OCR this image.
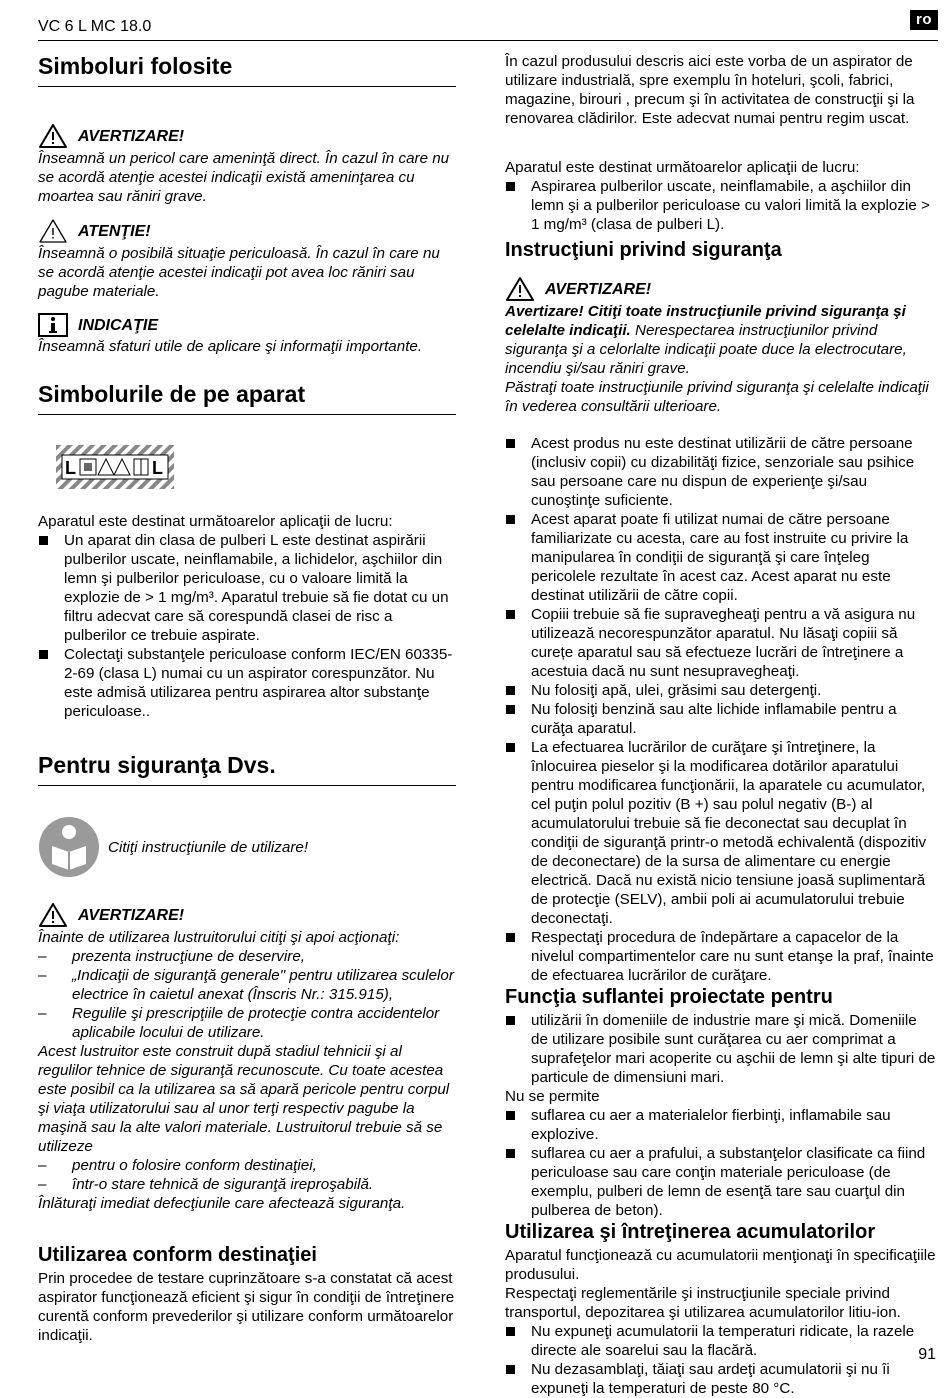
VC 6 L MC 18.0	ro
Simboluri folosite
AVERTIZARE!

Înseamnă un pericol care ameninţă direct. În cazul în care nu se acordă atenţie acestei indicaţii există ameninţarea cu moartea sau răniri grave.

ATENŢIE!

Înseamnă o posibilă situaţie periculoasă. În cazul în care nu se acordă atenţie acestei indicaţii pot avea loc răniri sau pagube materiale.

INDICAŢIE

Înseamnă sfaturi utile de aplicare şi informaţii importante.

Simbolurile de pe aparat
L	L

Aparatul este destinat următoarelor aplicaţii de lucru:

Un aparat din clasa de pulberi L este destinat aspirării pulberilor uscate, neinflamabile, a lichidelor, aşchiilor din lemn şi pulberilor periculoase, cu o valoare limită la explozie de > 1 mg/m³. Aparatul trebuie să fie dotat cu un filtru adecvat care să corespundă clasei de risc a pulberilor ce trebuie aspirate.
Colectaţi substanţele periculoase conform IEC/EN 60335-2-69 (clasa L) numai cu un aspirator corespunzător. Nu este admisă utilizarea pentru aspirarea altor substanţe periculoase..
Pentru siguranţa Dvs.
Citiţi instrucţiunile de utilizare!
AVERTIZARE!

Înainte de utilizarea lustruitorului citiţi şi apoi acţionaţi:

– prezenta instrucţiune de deservire,
– „Indicaţii de siguranţă generale" pentru utilizarea sculelor electrice în caietul anexat (Înscris Nr.: 315.915),
– Regulile şi prescripţiile de protecţie contra accidentelor aplicabile locului de utilizare.

Acest lustruitor este construit după stadiul tehnicii şi al regulilor tehnice de siguranţă recunoscute. Cu toate acestea este posibil ca la utilizarea sa să apară pericole pentru corpul şi viaţa utilizatorului sau al unor terţi respectiv pagube la maşină sau la alte valori materiale. Lustruitorul trebuie să se utilizeze

– pentru o folosire conform destinaţiei,
– într-o stare tehnică de siguranţă ireproşabilă.

Înlăturaţi imediat defecţiunile care afectează siguranţa.

Utilizarea conform destinaţiei

Prin procedee de testare cuprinzătoare s-a constatat că acest aspirator funcţionează eficient şi sigur în condiţii de întreţinere curentă conform prevederilor şi utilizare conform următoarelor indicaţii.

În cazul produsului descris aici este vorba de un aspirator de utilizare industrială, spre exemplu în hoteluri, şcoli, fabrici, magazine, birouri , precum şi în activitatea de construcţii şi la renovarea clădirilor. Este adecvat numai pentru regim uscat.

Aparatul este destinat următoarelor aplicaţii de lucru:

Aspirarea pulberilor uscate, neinflamabile, a aşchiilor din lemn şi a pulberilor periculoase cu valori limită la explozie > 1 mg/m³ (clasa de pulberi L).
Instrucţiuni privind siguranţa
AVERTIZARE!

Avertizare! Citiţi toate instrucţiunile privind siguranţa şi celelalte indicaţii. Nerespectarea instrucţiunilor privind siguranţa şi a celorlalte indicaţii poate duce la electrocutare, incendiu şi/sau răniri grave.

Păstraţi toate instrucţiunile privind siguranţa şi celelalte indicaţii în vederea consultării ulterioare.

Acest produs nu este destinat utilizării de către persoane (inclusiv copii) cu dizabilităţi fizice, senzoriale sau psihice sau persoane care nu dispun de experienţe şi/sau cunoştinţe suficiente.
Acest aparat poate fi utilizat numai de către persoane familiarizate cu acesta, care au fost instruite cu privire la manipularea în condiţii de siguranţă şi care înţeleg pericolele rezultate în acest caz. Acest aparat nu este destinat utilizării de către copii.
Copiii trebuie să fie supravegheaţi pentru a vă asigura nu utilizează necorespunzător aparatul. Nu lăsaţi copiii să curețe aparatul sau să efectueze lucrări de întreţinere a acestuia dacă nu sunt nesupravegheaţi.
Nu folosiţi apă, ulei, grăsimi sau detergenţi.
Nu folosiţi benzină sau alte lichide inflamabile pentru a curăţa aparatul.
La efectuarea lucrărilor de curăţare şi întreţinere, la înlocuirea pieselor şi la modificarea dotărilor aparatului pentru modificarea funcţionării, la aparatele cu acumulator, cel puţin polul pozitiv (B +) sau polul negativ (B-) al acumulatorului trebuie să fie deconectat sau decuplat în condiţii de siguranţă printr-o metodă echivalentă (dispozitiv de deconectare) de la sursa de alimentare cu energie electrică. Dacă nu există nicio tensiune joasă suplimentară de protecţie (SELV), ambii poli ai acumulatorului trebuie deconectaţi.
Respectaţi procedura de îndepărtare a capacelor de la nivelul compartimentelor care nu sunt etanşe la praf, înainte de efectuarea lucrărilor de curăţare.
Funcţia suflantei proiectate pentru
utilizării în domeniile de industrie mare şi mică. Domeniile de utilizare posibile sunt curăţarea cu aer comprimat a suprafeţelor mari acoperite cu aşchii de lemn şi alte tipuri de particule de dimensiuni mari.

Nu se permite

suflarea cu aer a materialelor fierbinţi, inflamabile sau explozive.
suflarea cu aer a prafului, a substanţelor clasificate ca fiind periculoase sau care conţin materiale periculoase (de exemplu, pulberi de lemn de esenţă tare sau cuarţul din pulberea de beton).
Utilizarea şi întreţinerea acumulatorilor

Aparatul funcţionează cu acumulatorii menţionaţi în specificaţiile produsului.

Respectaţi reglementările şi instrucţiunile speciale privind transportul, depozitarea şi utilizarea acumulatorilor litiu-ion.

Nu expuneţi acumulatorii la temperaturi ridicate, la razele directe ale soarelui sau la flacără.
Nu dezasamblaţi, tăiaţi sau ardeţi acumulatorii şi nu îi expuneţi la temperaturi de peste 80 °C.
91
